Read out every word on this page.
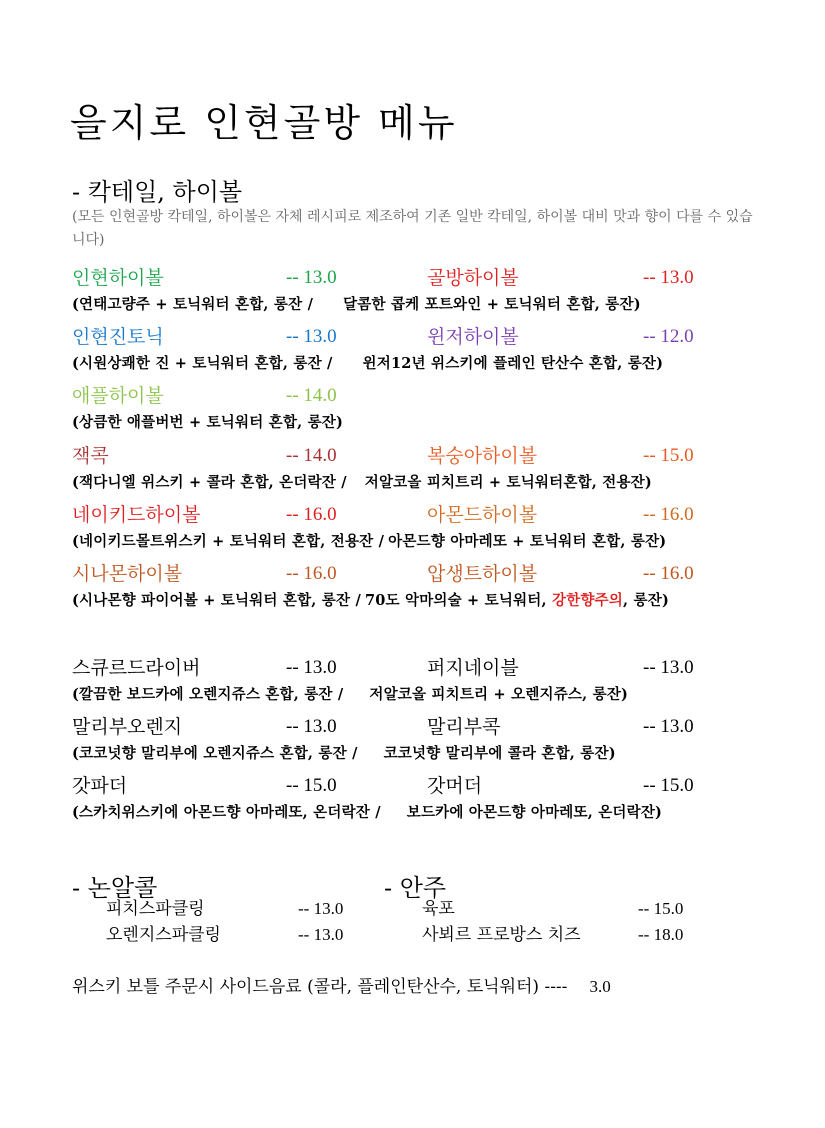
을지로 인현골방 메뉴
- 칵테일, 하이볼
(모든 인현골방 칵테일, 하이볼은 자체 레시피로 제조하여 기존 일반 칵테일, 하이볼 대비 맛과 향이 다를 수 있습니다)
인현하이볼	-- 13.0	골방하이볼	-- 13.0
(연태고량주 + 토닉워터 혼합, 롱잔 / 달콤한 콥케 포트와인 + 토닉워터 혼합, 롱잔)
인현진토닉	-- 13.0	윈저하이볼	-- 12.0
(시원상쾌한 진 + 토닉워터 혼합, 롱잔 / 윈저12년 위스키에 플레인 탄산수 혼합, 롱잔)
애플하이볼	-- 14.0
(상큼한 애플버번 + 토닉워터 혼합, 롱잔)
잭콕	-- 14.0	복숭아하이볼	-- 15.0
(잭다니엘 위스키 + 콜라 혼합, 온더락잔 / 저알코올 피치트리 + 토닉워터혼합, 전용잔)
네이키드하이볼	-- 16.0	아몬드하이볼	-- 16.0
(네이키드몰트위스키 + 토닉워터 혼합, 전용잔 / 아몬드향 아마레또 + 토닉워터 혼합, 롱잔)
시나몬하이볼	-- 16.0	압생트하이볼	-- 16.0
(시나몬향 파이어볼 + 토닉워터 혼합, 롱잔 / 70도 악마의술 + 토닉워터, 강한향주의, 롱잔)
스큐르드라이버	-- 13.0	퍼지네이블	-- 13.0
(깔끔한 보드카에 오렌지쥬스 혼합, 롱잔 / 저알코올 피치트리 + 오렌지쥬스, 롱잔)
말리부오렌지	-- 13.0	말리부콕	-- 13.0
(코코넛향 말리부에 오렌지쥬스 혼합, 롱잔 / 코코넛향 말리부에 콜라 혼합, 롱잔)
갓파더	-- 15.0	갓머더	-- 15.0
(스카치위스키에 아몬드향 아마레또, 온더락잔 / 보드카에 아몬드향 아마레또, 온더락잔)
- 논알콜	- 안주
피치스파클링	-- 13.0
오렌지스파클링	-- 13.0
육포	-- 15.0
사뵈르 프로방스 치즈	-- 18.0
위스키 보틀 주문시 사이드음료 (콜라, 플레인탄산수, 토닉워터) ---- 3.0
